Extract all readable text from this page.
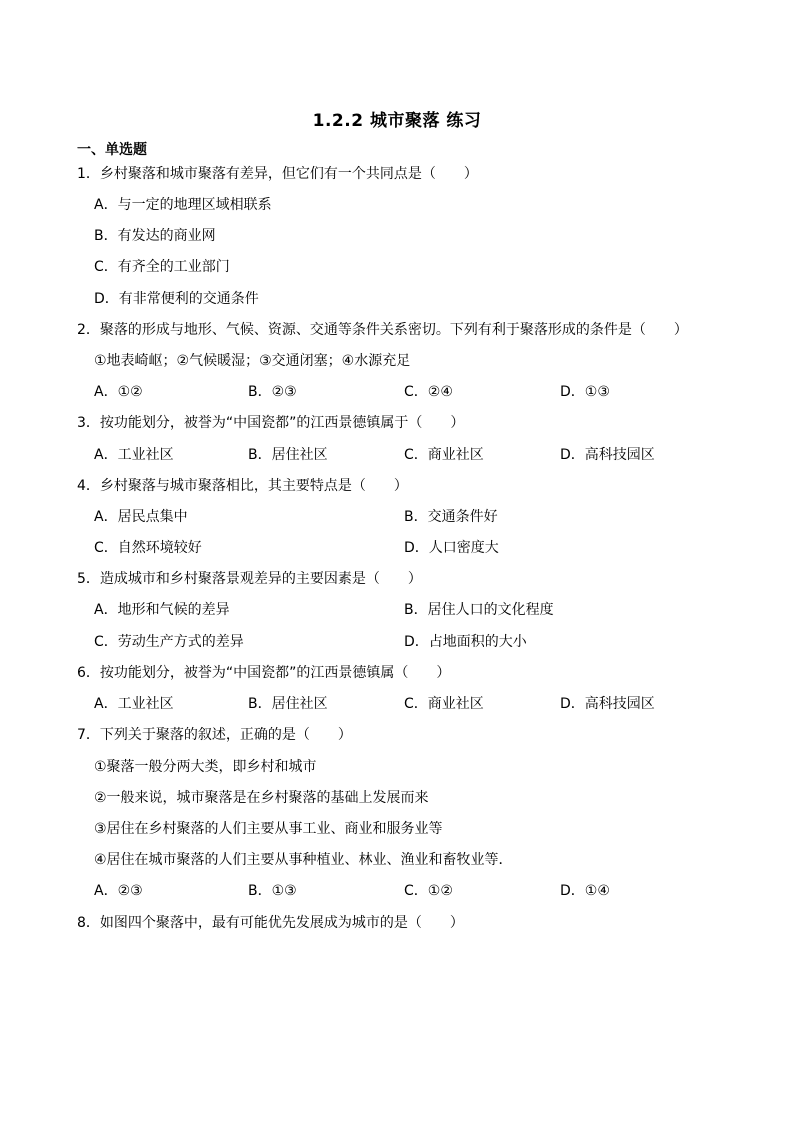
1.2.2 城市聚落 练习
一、单选题
1．乡村聚落和城市聚落有差异，但它们有一个共同点是（　　）
A．与一定的地理区域相联系
B．有发达的商业网
C．有齐全的工业部门
D．有非常便利的交通条件
2．聚落的形成与地形、气候、资源、交通等条件关系密切。下列有利于聚落形成的条件是（　　）
①地表崎岖；②气候暖湿；③交通闭塞；④水源充足
A．①②	B．②③	C．②④	D．①③
3．按功能划分，被誉为“中国瓷都”的江西景德镇属于（　　）
A．工业社区	B．居住社区	C．商业社区	D．高科技园区
4．乡村聚落与城市聚落相比，其主要特点是（　　）
A．居民点集中	B．交通条件好
C．自然环境较好	D．人口密度大
5．造成城市和乡村聚落景观差异的主要因素是（　　）
A．地形和气候的差异	B．居住人口的文化程度
C．劳动生产方式的差异	D．占地面积的大小
6．按功能划分，被誉为“中国瓷都”的江西景德镇属（　　）
A．工业社区	B．居住社区	C．商业社区	D．高科技园区
7．下列关于聚落的叙述，正确的是（　　）
①聚落一般分两大类，即乡村和城市
②一般来说，城市聚落是在乡村聚落的基础上发展而来
③居住在乡村聚落的人们主要从事工业、商业和服务业等
④居住在城市聚落的人们主要从事种植业、林业、渔业和畜牧业等．
A．②③	B．①③	C．①②	D．①④
8．如图四个聚落中，最有可能优先发展成为城市的是（　　）
